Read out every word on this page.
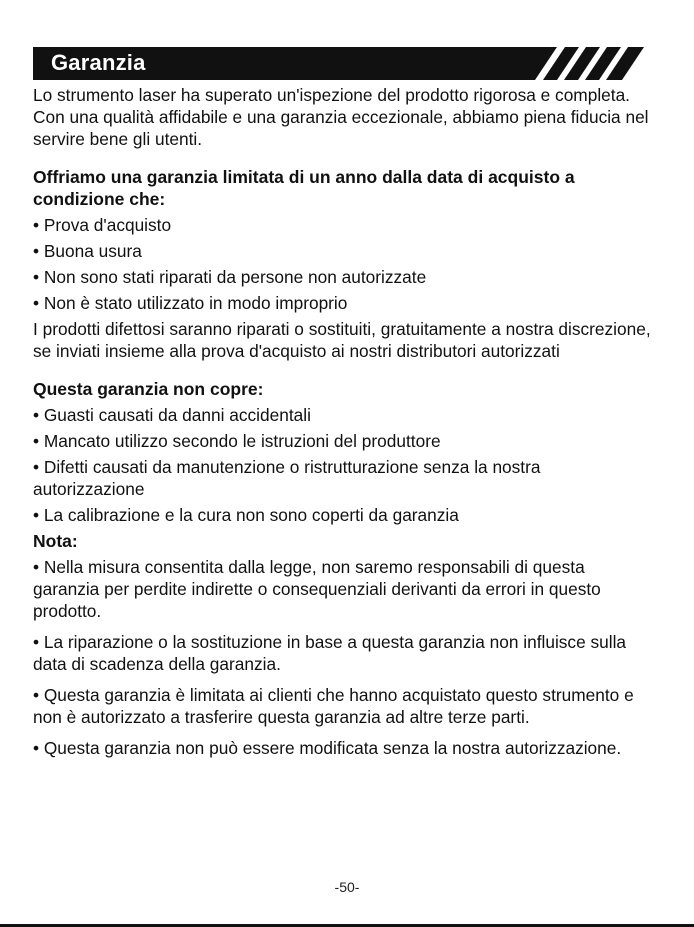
Garanzia

Lo strumento laser ha superato un'ispezione del prodotto rigorosa e completa. Con una qualità affidabile e una garanzia eccezionale, abbiamo piena fiducia nel servire bene gli utenti.

Offriamo una garanzia limitata di un anno dalla data di acquisto a condizione che:

• Prova d'acquisto

• Buona usura

• Non sono stati riparati da persone non autorizzate

• Non è stato utilizzato in modo improprio

I prodotti difettosi saranno riparati o sostituiti, gratuitamente a nostra discrezione, se inviati insieme alla prova d'acquisto ai nostri distributori autorizzati

Questa garanzia non copre:

• Guasti causati da danni accidentali

• Mancato utilizzo secondo le istruzioni del produttore

• Difetti causati da manutenzione o ristrutturazione senza la nostra autorizzazione

• La calibrazione e la cura non sono coperti da garanzia

Nota:

• Nella misura consentita dalla legge, non saremo responsabili di questa garanzia per perdite indirette o consequenziali derivanti da errori in questo prodotto.

• La riparazione o la sostituzione in base a questa garanzia non influisce sulla data di scadenza della garanzia.

• Questa garanzia è limitata ai clienti che hanno acquistato questo strumento e non è autorizzato a trasferire questa garanzia ad altre terze parti.

• Questa garanzia non può essere modificata senza la nostra autorizzazione.

-50-
